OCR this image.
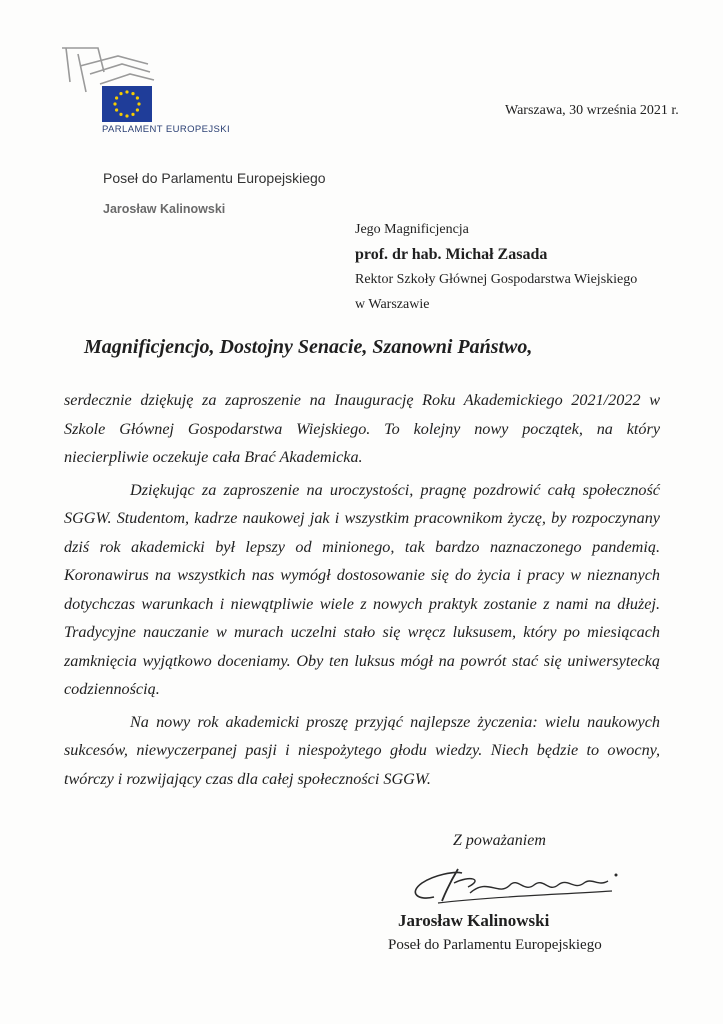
PARLAMENT EUROPEJSKI
Warszawa, 30 września 2021 r.
Poseł do Parlamentu Europejskiego
Jarosław Kalinowski
Jego Magnificjencja
prof. dr hab. Michał Zasada
Rektor Szkoły Głównej Gospodarstwa Wiejskiego
w Warszawie
Magnificjencjo, Dostojny Senacie, Szanowni Państwo,

serdecznie dziękuję za zaproszenie na Inaugurację Roku Akademickiego 2021/2022 w Szkole Głównej Gospodarstwa Wiejskiego. To kolejny nowy początek, na który niecierpliwie oczekuje cała Brać Akademicka.

Dziękując za zaproszenie na uroczystości, pragnę pozdrowić całą społeczność SGGW. Studentom, kadrze naukowej jak i wszystkim pracownikom życzę, by rozpoczynany dziś rok akademicki był lepszy od minionego, tak bardzo naznaczonego pandemią. Koronawirus na wszystkich nas wymógł dostosowanie się do życia i pracy w nieznanych dotychczas warunkach i niewątpliwie wiele z nowych praktyk zostanie z nami na dłużej. Tradycyjne nauczanie w murach uczelni stało się wręcz luksusem, który po miesiącach zamknięcia wyjątkowo doceniamy. Oby ten luksus mógł na powrót stać się uniwersytecką codziennością.

Na nowy rok akademicki proszę przyjąć najlepsze życzenia: wielu naukowych sukcesów, niewyczerpanej pasji i niespożytego głodu wiedzy. Niech będzie to owocny, twórczy i rozwijający czas dla całej społeczności SGGW.

Z poważaniem
Jarosław Kalinowski
Poseł do Parlamentu Europejskiego
